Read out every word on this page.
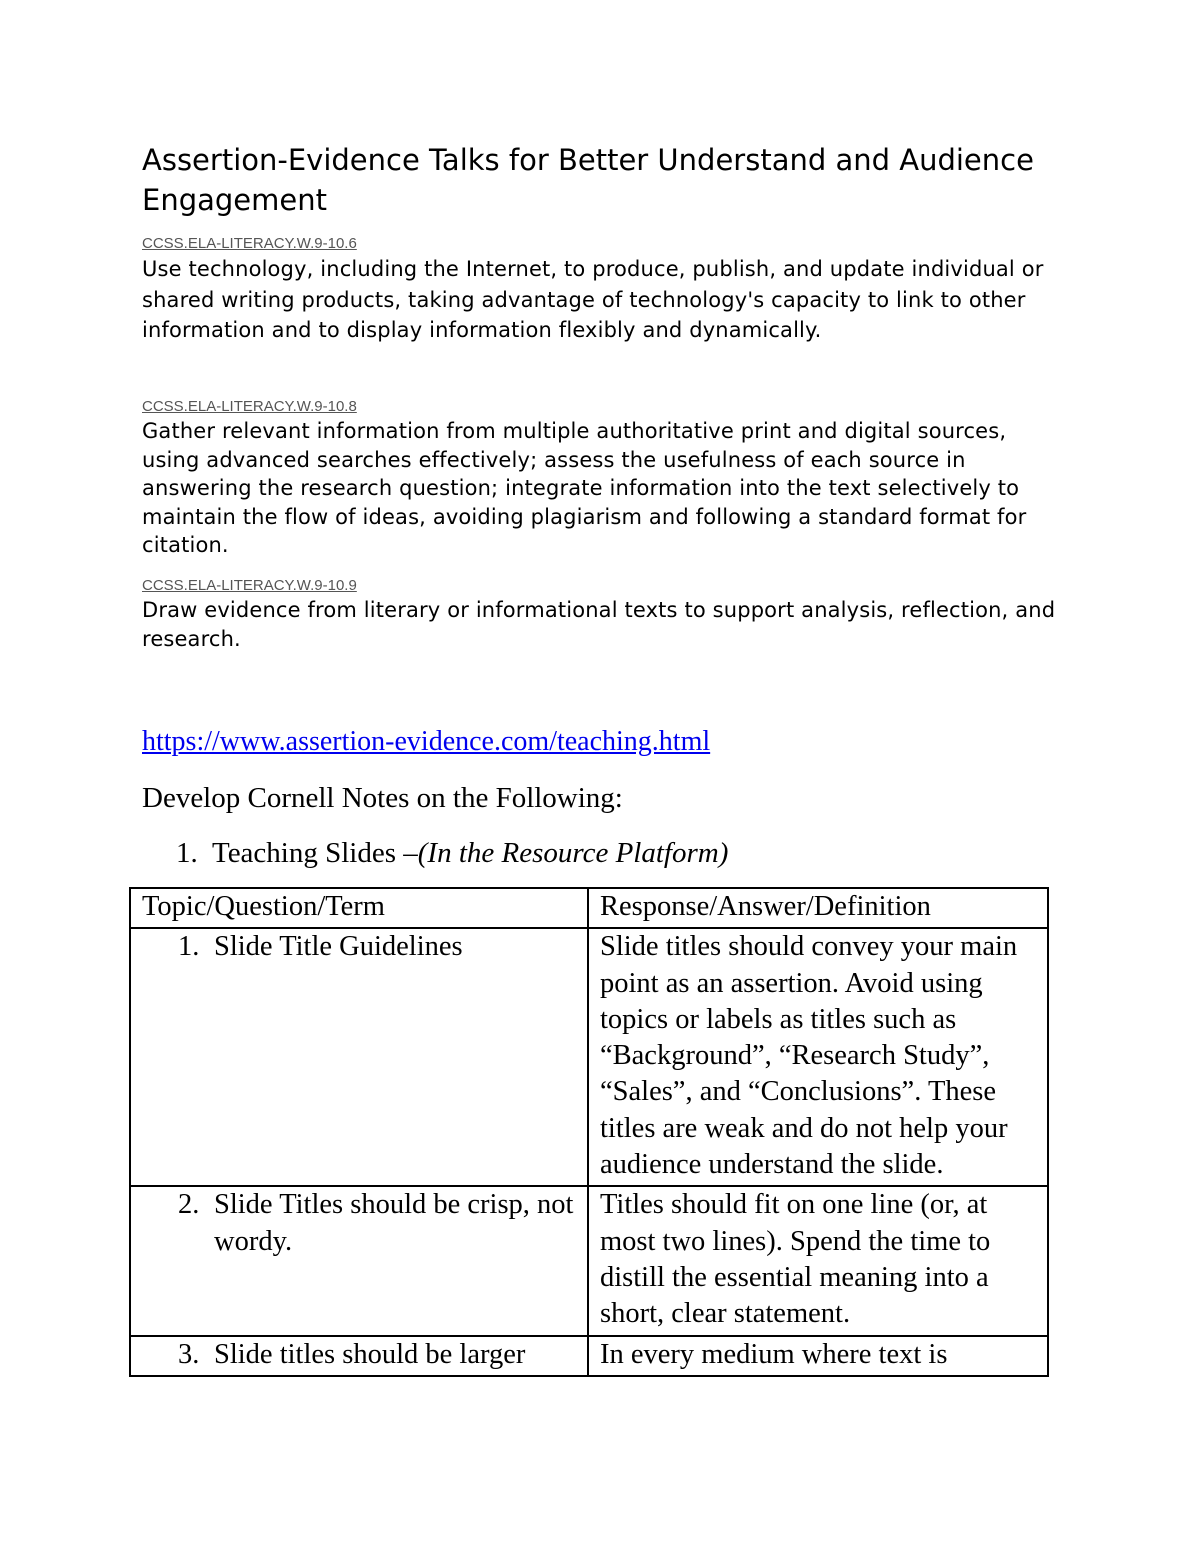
Assertion-Evidence Talks for Better Understand and Audience Engagement
CCSS.ELA-LITERACY.W.9-10.6
Use technology, including the Internet, to produce, publish, and update individual or shared writing products, taking advantage of technology's capacity to link to other information and to display information flexibly and dynamically.
CCSS.ELA-LITERACY.W.9-10.8
Gather relevant information from multiple authoritative print and digital sources, using advanced searches effectively; assess the usefulness of each source in answering the research question; integrate information into the text selectively to maintain the flow of ideas, avoiding plagiarism and following a standard format for citation.
CCSS.ELA-LITERACY.W.9-10.9
Draw evidence from literary or informational texts to support analysis, reflection, and research.
https://www.assertion-evidence.com/teaching.html
Develop Cornell Notes on the Following:
1. Teaching Slides –(In the Resource Platform)
Topic/Question/Term	Response/Answer/Definition

1. Slide Title Guidelines	Slide titles should convey your main point as an assertion. Avoid using topics or labels as titles such as “Background”, “Research Study”, “Sales”, and “Conclusions”. These titles are weak and do not help your audience understand the slide.

2. Slide Titles should be crisp, not wordy.	Titles should fit on one line (or, at most two lines). Spend the time to distill the essential meaning into a short, clear statement.

3. Slide titles should be larger	In every medium where text is
